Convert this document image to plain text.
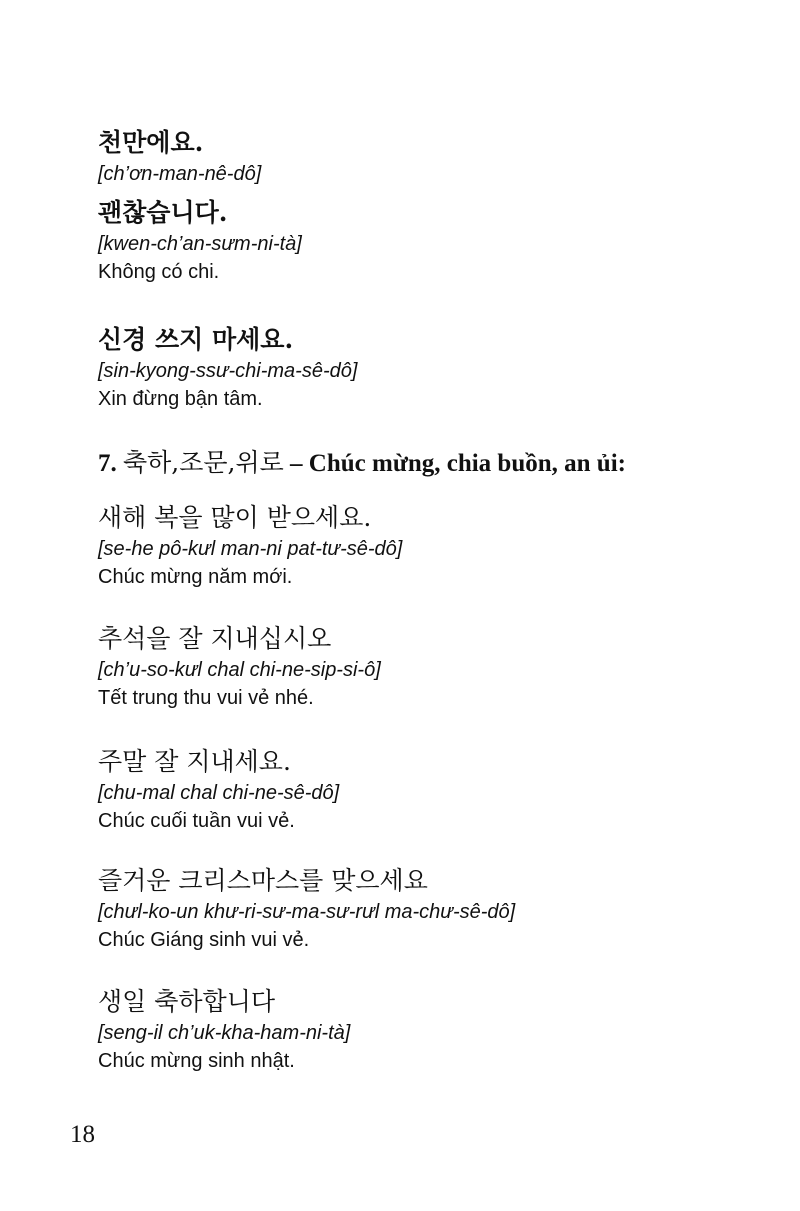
천만에요.
[ch’ơn-man-nê-dô]
괜찮습니다.
[kwen-ch’an-sưm-ni-tà]
Không có chi.
신경 쓰지 마세요.
[sin-kyong-ssư-chi-ma-sê-dô]
Xin đừng bận tâm.
7. 축하,조문,위로 – Chúc mừng, chia buồn, an ủi:
새해 복을 많이 받으세요.
[se-he pô-kưl man-ni pat-tư-sê-dô]
Chúc mừng năm mới.
추석을 잘 지내십시오
[ch’u-so-kưl chal chi-ne-sip-si-ô]
Tết trung thu vui vẻ nhé.
주말 잘 지내세요.
[chu-mal chal chi-ne-sê-dô]
Chúc cuối tuần vui vẻ.
즐거운 크리스마스를 맞으세요
[chưl-ko-un khư-ri-sư-ma-sư-rưl ma-chư-sê-dô]
Chúc Giáng sinh vui vẻ.
생일 축하합니다
[seng-il ch’uk-kha-ham-ni-tà]
Chúc mừng sinh nhật.
18
